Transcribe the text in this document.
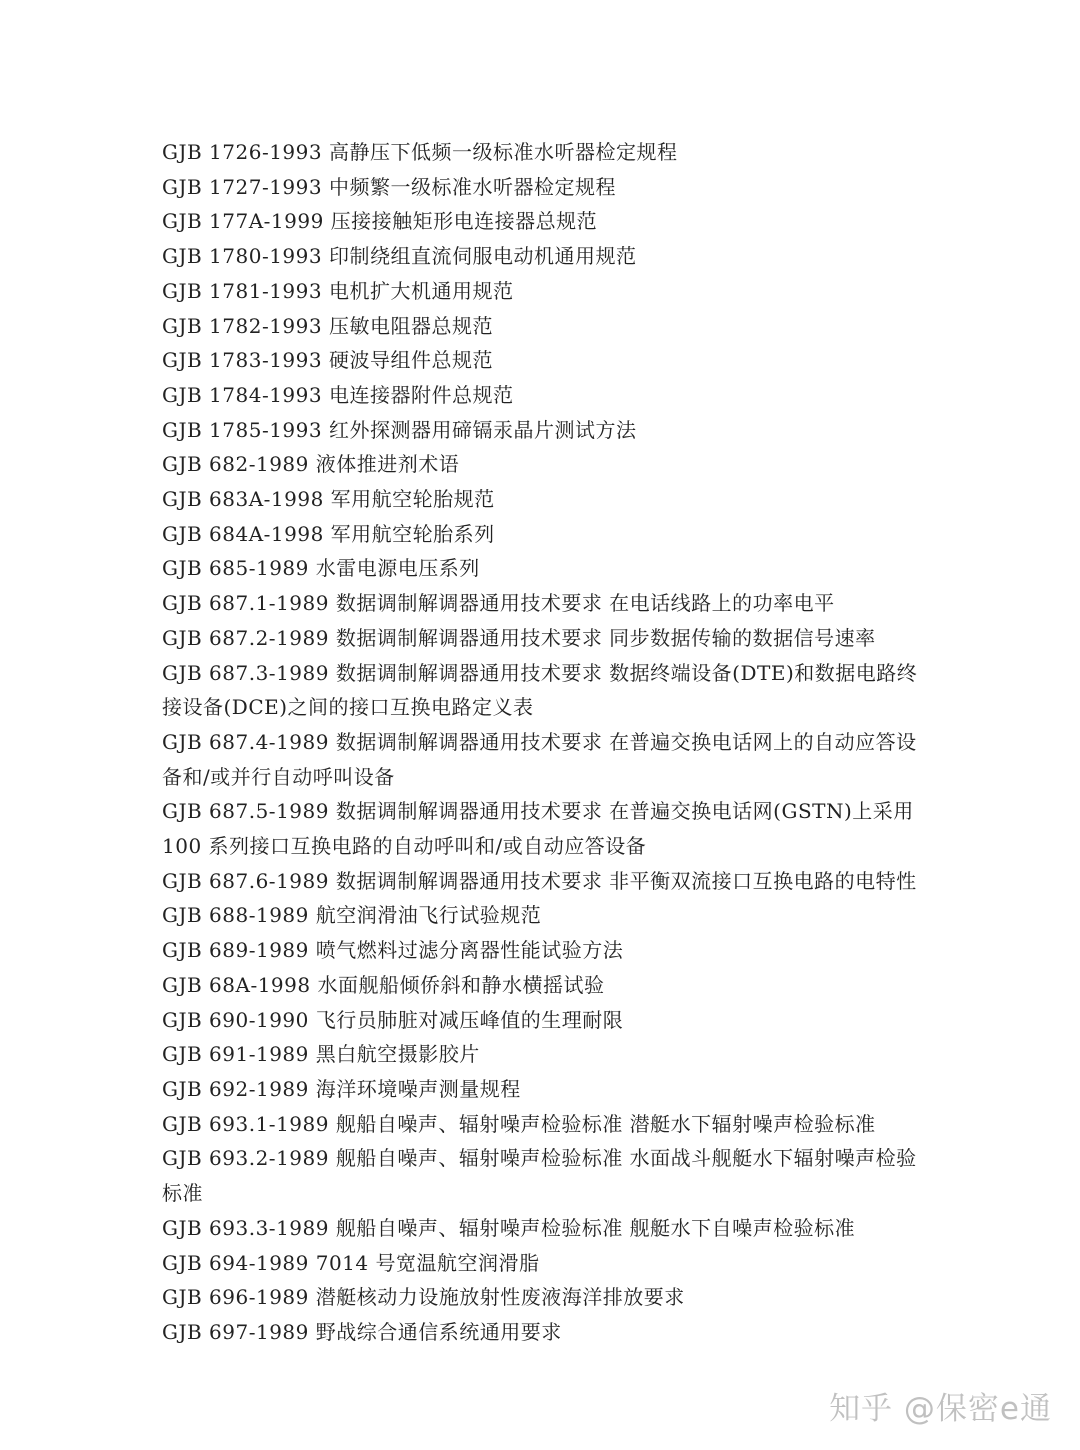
GJB 1726-1993 高静压下低频一级标准水听器检定规程
GJB 1727-1993 中频繁一级标准水听器检定规程
GJB 177A-1999 压接接触矩形电连接器总规范
GJB 1780-1993 印制绕组直流伺服电动机通用规范
GJB 1781-1993 电机扩大机通用规范
GJB 1782-1993 压敏电阻器总规范
GJB 1783-1993 硬波导组件总规范
GJB 1784-1993 电连接器附件总规范
GJB 1785-1993 红外探测器用碲镉汞晶片测试方法
GJB 682-1989 液体推进剂术语
GJB 683A-1998 军用航空轮胎规范
GJB 684A-1998 军用航空轮胎系列
GJB 685-1989 水雷电源电压系列
GJB 687.1-1989 数据调制解调器通用技术要求 在电话线路上的功率电平
GJB 687.2-1989 数据调制解调器通用技术要求 同步数据传输的数据信号速率
GJB 687.3-1989 数据调制解调器通用技术要求 数据终端设备(DTE)和数据电路终接设备(DCE)之间的接口互换电路定义表
GJB 687.4-1989 数据调制解调器通用技术要求 在普遍交换电话网上的自动应答设备和/或并行自动呼叫设备
GJB 687.5-1989 数据调制解调器通用技术要求 在普遍交换电话网(GSTN)上采用 100 系列接口互换电路的自动呼叫和/或自动应答设备
GJB 687.6-1989 数据调制解调器通用技术要求 非平衡双流接口互换电路的电特性
GJB 688-1989 航空润滑油飞行试验规范
GJB 689-1989 喷气燃料过滤分离器性能试验方法
GJB 68A-1998 水面舰船倾侨斜和静水横摇试验
GJB 690-1990 飞行员肺脏对减压峰值的生理耐限
GJB 691-1989 黑白航空摄影胶片
GJB 692-1989 海洋环境噪声测量规程
GJB 693.1-1989 舰船自噪声、辐射噪声检验标准 潜艇水下辐射噪声检验标准
GJB 693.2-1989 舰船自噪声、辐射噪声检验标准 水面战斗舰艇水下辐射噪声检验标准
GJB 693.3-1989 舰船自噪声、辐射噪声检验标准 舰艇水下自噪声检验标准
GJB 694-1989 7014 号宽温航空润滑脂
GJB 696-1989 潜艇核动力设施放射性废液海洋排放要求
GJB 697-1989 野战综合通信系统通用要求
知乎 @保密e通
